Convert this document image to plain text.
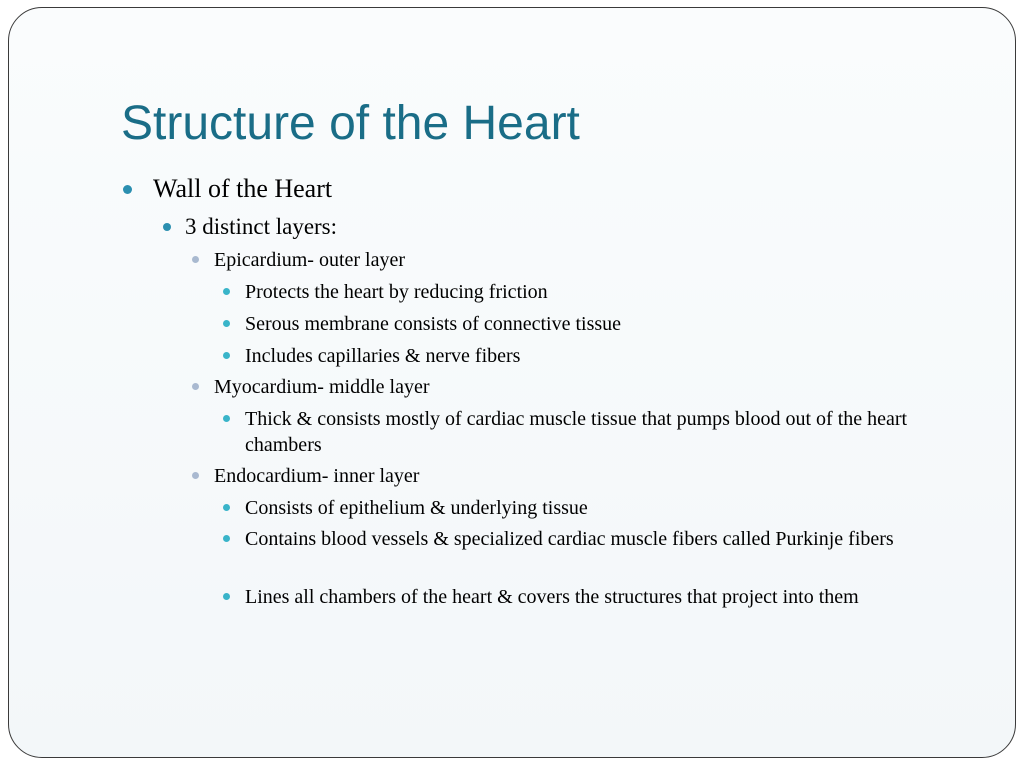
Structure of the Heart
Wall of the Heart
3 distinct layers:
Epicardium- outer layer
Protects the heart by reducing friction
Serous membrane consists of connective tissue
Includes capillaries & nerve fibers
Myocardium- middle layer
Thick & consists mostly of cardiac muscle tissue that pumps blood out of the heart chambers
Endocardium- inner layer
Consists of epithelium & underlying tissue
Contains blood vessels & specialized cardiac muscle fibers called Purkinje fibers
Lines all chambers of the heart & covers the structures that project into them
